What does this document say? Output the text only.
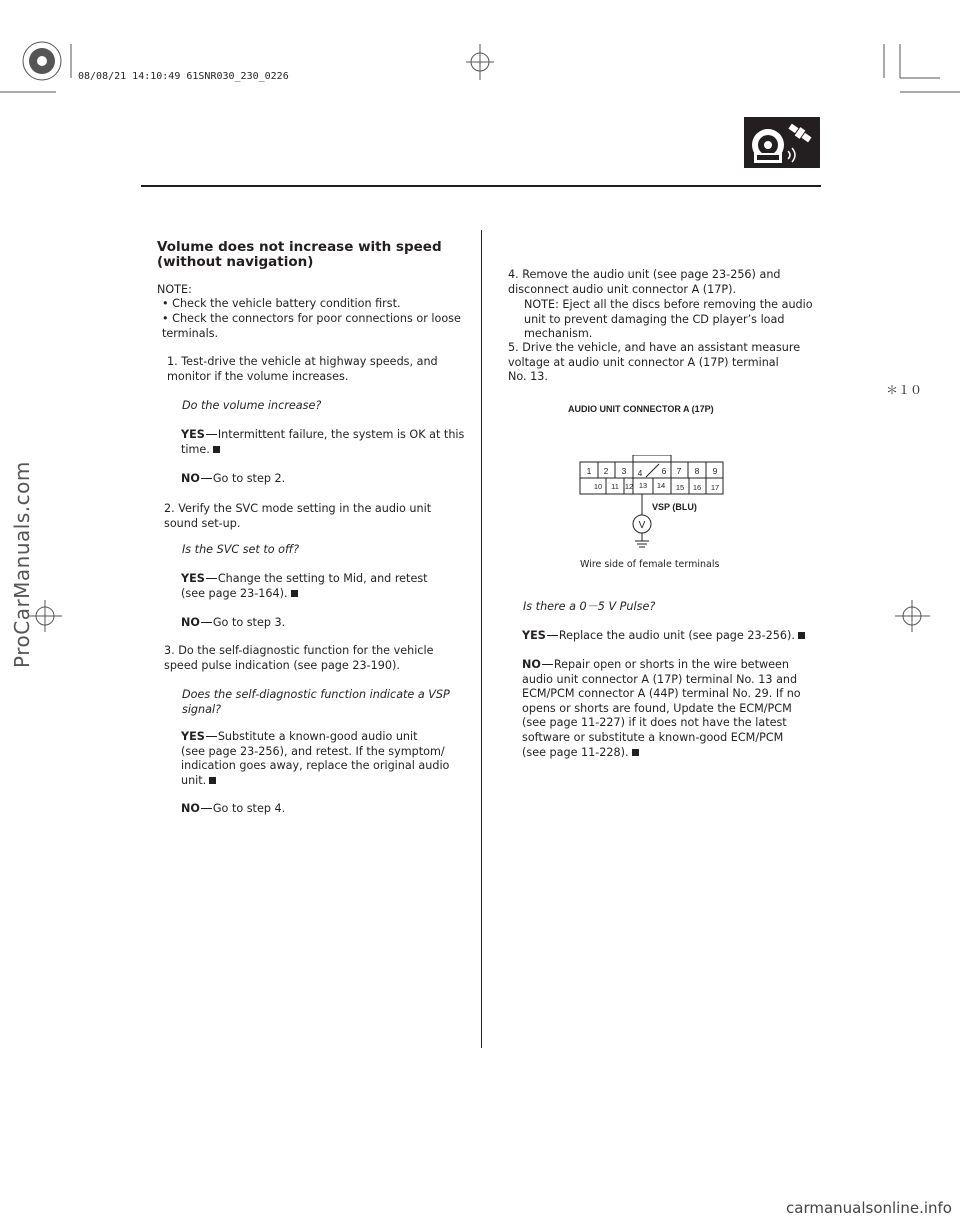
08/08/21 14:10:49 61SNR030_230_0226
＊１０
Volume does not increase with speed
(without navigation)
NOTE:
• Check the vehicle battery condition first.
• Check the connectors for poor connections or loose
terminals.
1. Test-drive the vehicle at highway speeds, and
monitor if the volume increases.
Do the volume increase?
YES Intermittent failure, the system is OK at this
time.
NO Go to step 2.
2. Verify the SVC mode setting in the audio unit
sound set-up.
Is the SVC set to off?
YES Change the setting to Mid, and retest
(see page 23-164).
NO Go to step 3.
3. Do the self-diagnostic function for the vehicle
speed pulse indication (see page 23-190).
Does the self-diagnostic function indicate a VSP
signal?
YES Substitute a known-good audio unit
(see page 23-256), and retest. If the symptom/
indication goes away, replace the original audio
unit.
NO Go to step 4.
4. Remove the audio unit (see page 23-256) and
disconnect audio unit connector A (17P).
NOTE: Eject all the discs before removing the audio
unit to prevent damaging the CD player’s load
mechanism.
5. Drive the vehicle, and have an assistant measure
voltage at audio unit connector A (17P) terminal
No. 13.
AUDIO UNIT CONNECTOR A (17P)
1 2 3 4 6 7 8 9
10 11 12 13 14 15 16 17
V
VSP (BLU)
Wire side of female terminals
Is there a 0－5 V Pulse?
YES Replace the audio unit (see page 23-256).
NO Repair open or shorts in the wire between
audio unit connector A (17P) terminal No. 13 and
ECM/PCM connector A (44P) terminal No. 29. If no
opens or shorts are found, Update the ECM/PCM
(see page 11-227) if it does not have the latest
software or substitute a known-good ECM/PCM
(see page 11-228).
ProCarManuals.com
carmanualsonline.info
